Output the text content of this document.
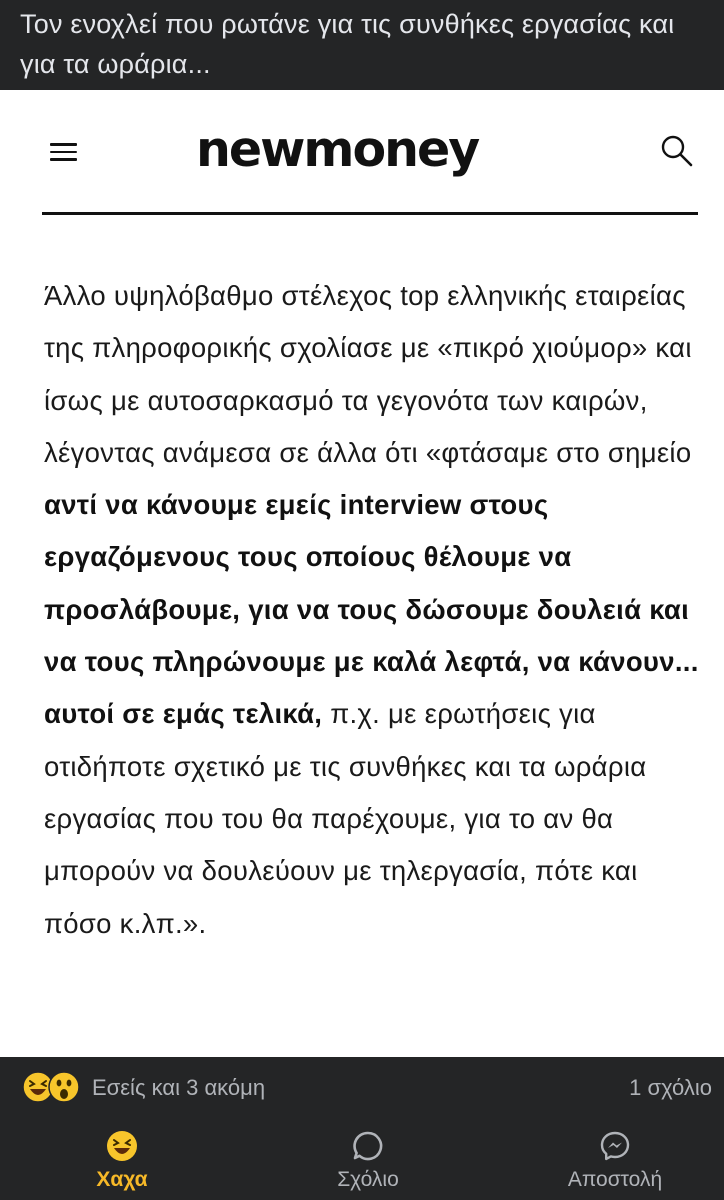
Τον ενοχλεί που ρωτάνε για τις συνθήκες εργασίας και για τα ωράρια...
newmoney
Άλλο υψηλόβαθμο στέλεχος top ελληνικής εταιρείας της πληροφορικής σχολίασε με «πικρό χιούμορ» και ίσως με αυτοσαρκασμό τα γεγονότα των καιρών, λέγοντας ανάμεσα σε άλλα ότι «φτάσαμε στο σημείο αντί να κάνουμε εμείς interview στους εργαζόμενους τους οποίους θέλουμε να προσλάβουμε, για να τους δώσουμε δουλειά και να τους πληρώνουμε με καλά λεφτά, να κάνουν... αυτοί σε εμάς τελικά, π.χ. με ερωτήσεις για οτιδήποτε σχετικό με τις συνθήκες και τα ωράρια εργασίας που του θα παρέχουμε, για το αν θα μπορούν να δουλεύουν με τηλεργασία, πότε και πόσο κ.λπ.».
Εσείς και 3 ακόμη	1 σχόλιο
Χαχα	Σχόλιο	Αποστολή
